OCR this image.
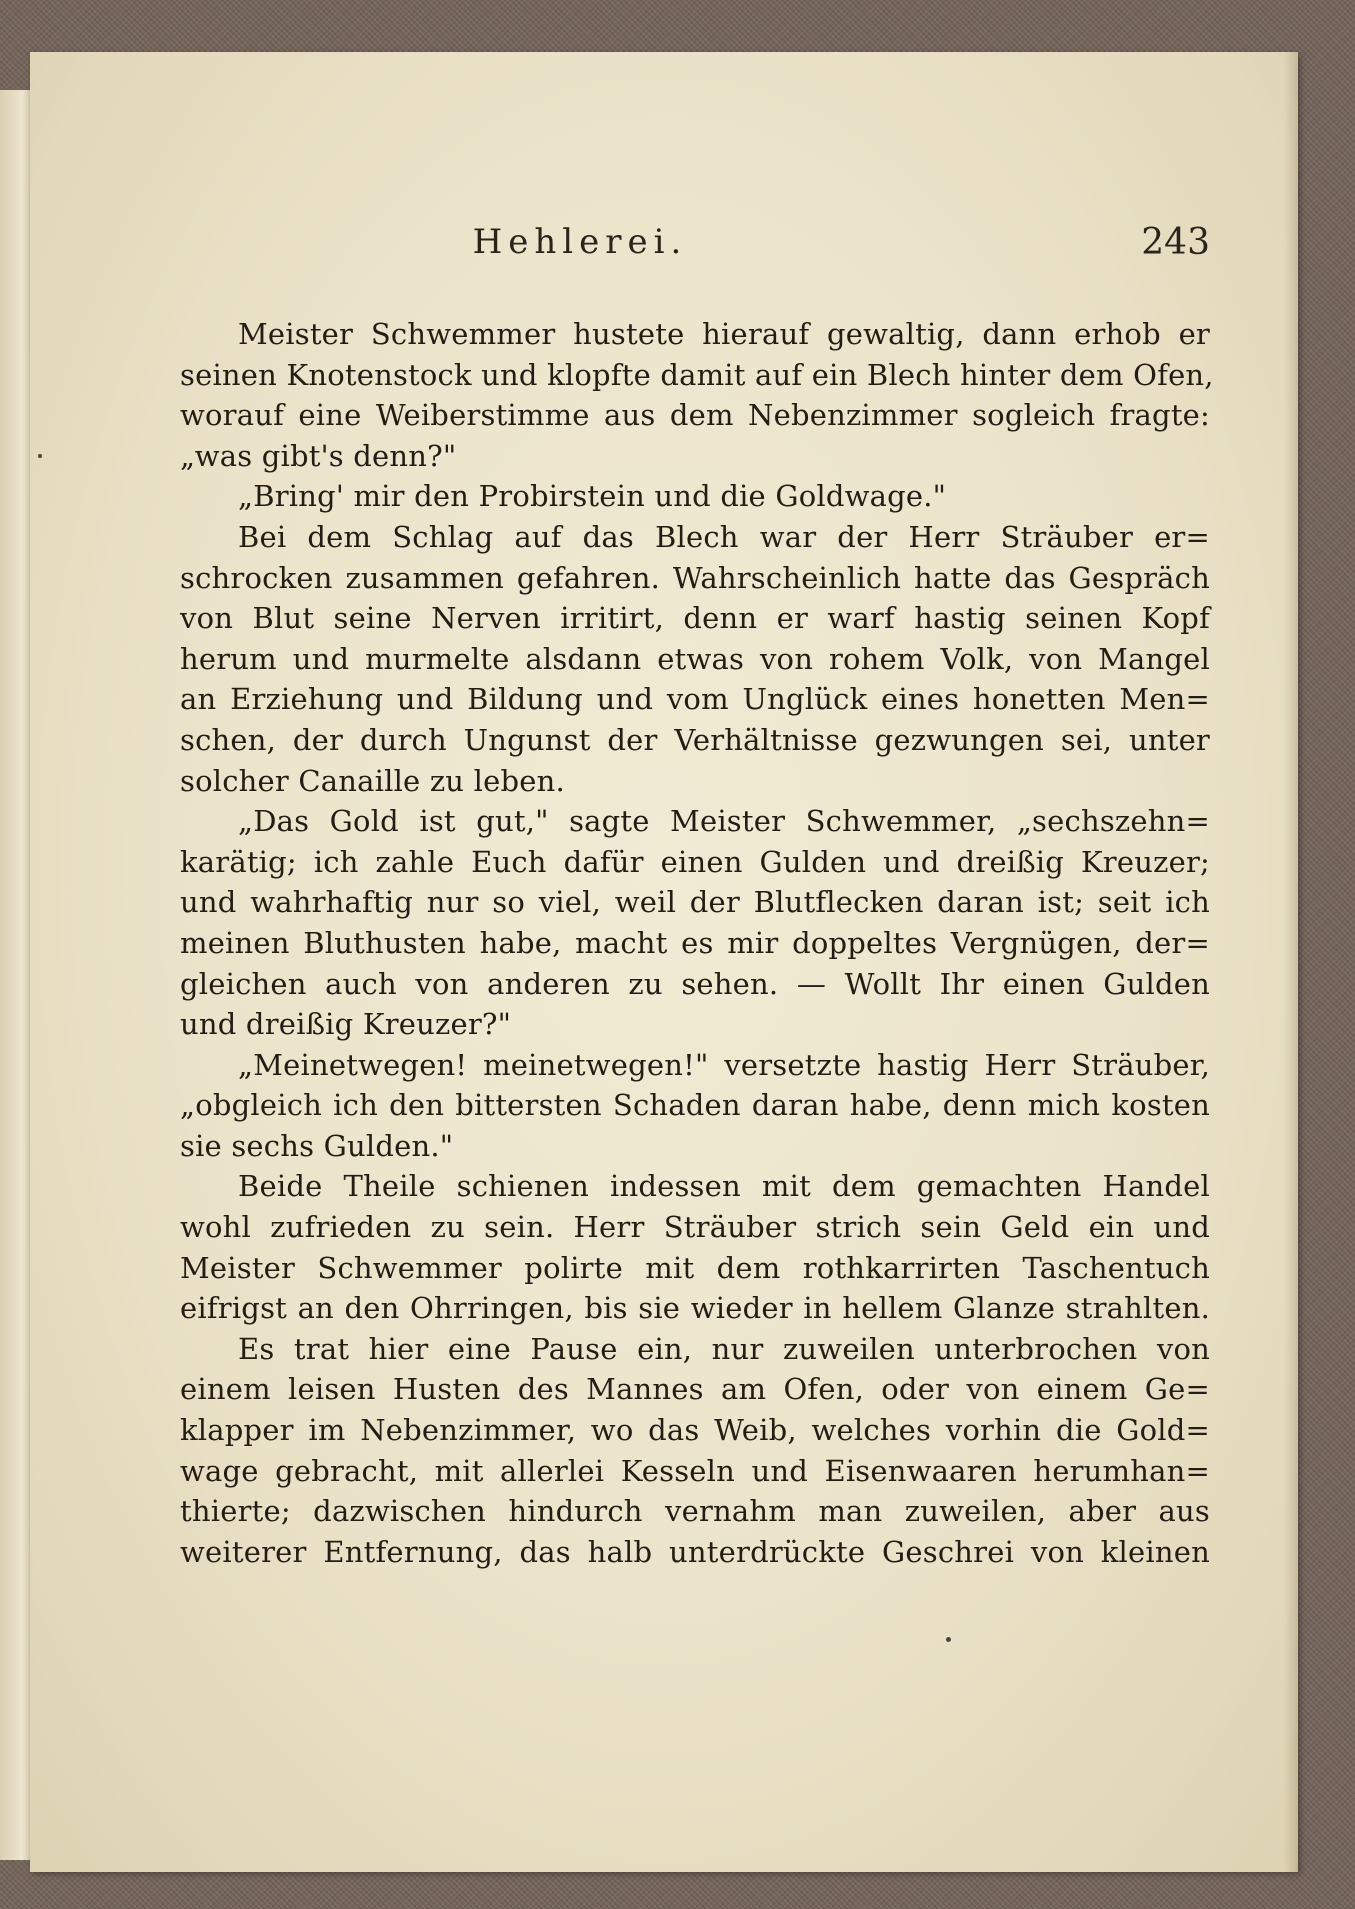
Hehlerei.	243
Meister Schwemmer hustete hierauf gewaltig, dann erhob er
seinen Knotenstock und klopfte damit auf ein Blech hinter dem Ofen,
worauf eine Weiberstimme aus dem Nebenzimmer sogleich fragte:
„was gibt's denn?"
„Bring' mir den Probirstein und die Goldwage."
Bei dem Schlag auf das Blech war der Herr Sträuber er=
schrocken zusammen gefahren. Wahrscheinlich hatte das Gespräch
von Blut seine Nerven irritirt, denn er warf hastig seinen Kopf
herum und murmelte alsdann etwas von rohem Volk, von Mangel
an Erziehung und Bildung und vom Unglück eines honetten Men=
schen, der durch Ungunst der Verhältnisse gezwungen sei, unter
solcher Canaille zu leben.
„Das Gold ist gut," sagte Meister Schwemmer, „sechszehn=
karätig; ich zahle Euch dafür einen Gulden und dreißig Kreuzer;
und wahrhaftig nur so viel, weil der Blutflecken daran ist; seit ich
meinen Bluthusten habe, macht es mir doppeltes Vergnügen, der=
gleichen auch von anderen zu sehen. — Wollt Ihr einen Gulden
und dreißig Kreuzer?"
„Meinetwegen! meinetwegen!" versetzte hastig Herr Sträuber,
„obgleich ich den bittersten Schaden daran habe, denn mich kosten
sie sechs Gulden."
Beide Theile schienen indessen mit dem gemachten Handel
wohl zufrieden zu sein. Herr Sträuber strich sein Geld ein und
Meister Schwemmer polirte mit dem rothkarrirten Taschentuch
eifrigst an den Ohrringen, bis sie wieder in hellem Glanze strahlten.
Es trat hier eine Pause ein, nur zuweilen unterbrochen von
einem leisen Husten des Mannes am Ofen, oder von einem Ge=
klapper im Nebenzimmer, wo das Weib, welches vorhin die Gold=
wage gebracht, mit allerlei Kesseln und Eisenwaaren herumhan=
thierte; dazwischen hindurch vernahm man zuweilen, aber aus
weiterer Entfernung, das halb unterdrückte Geschrei von kleinen
